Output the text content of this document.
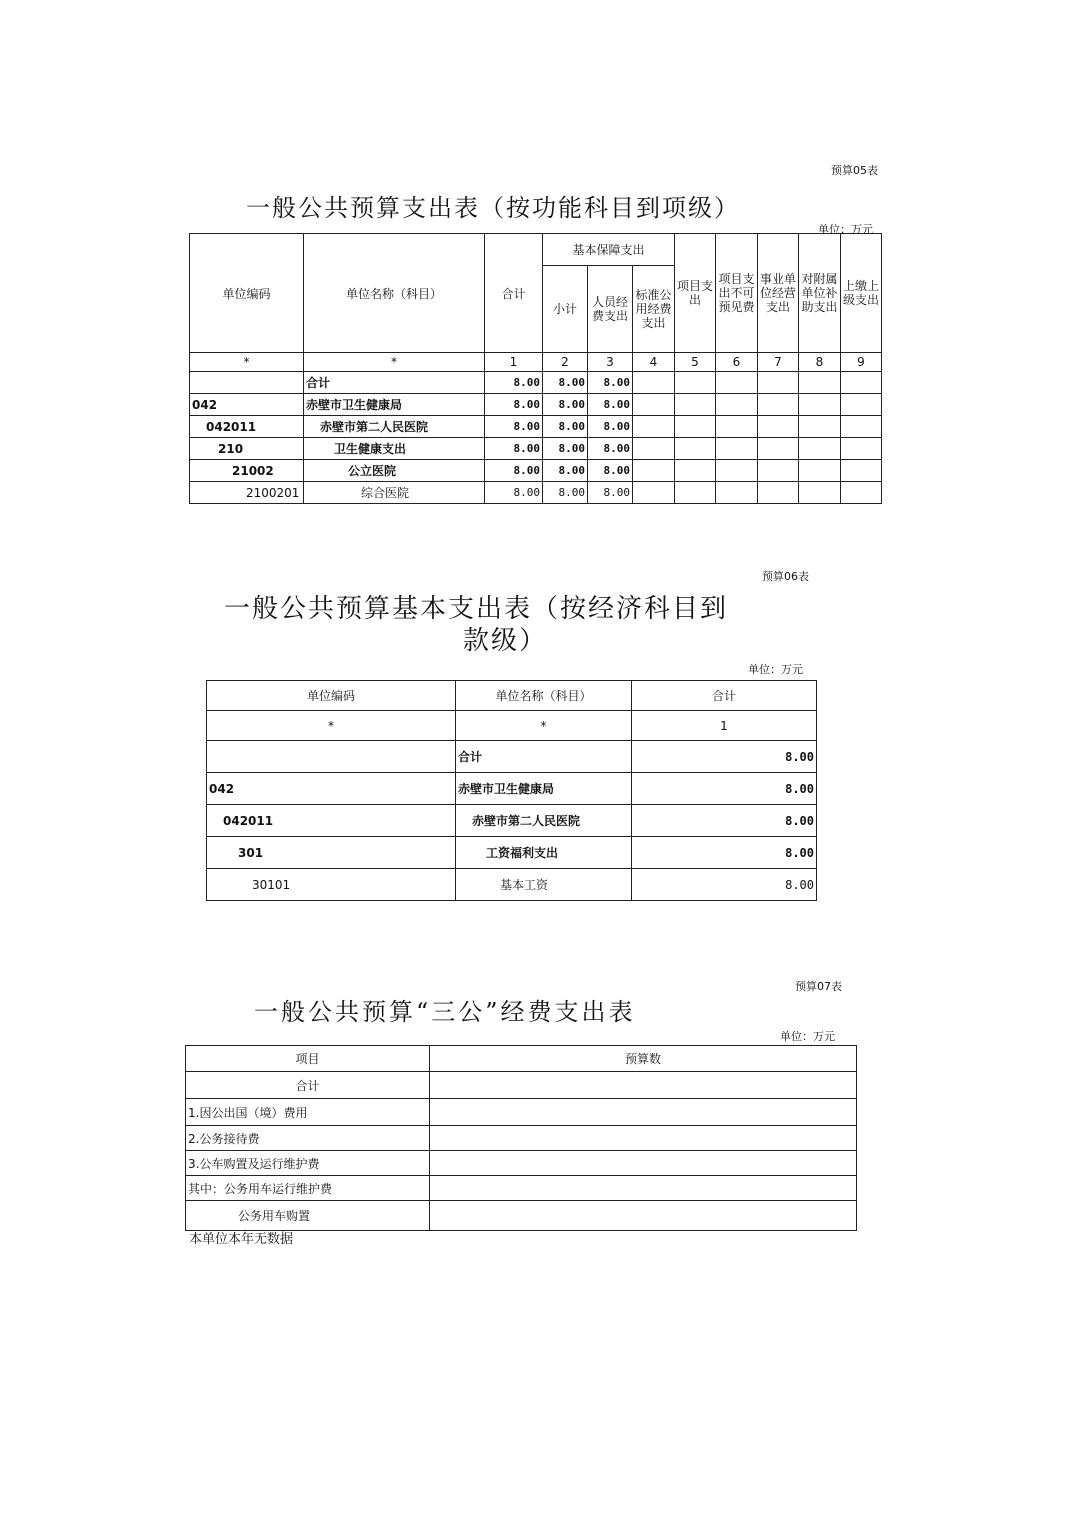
预算05表
一般公共预算支出表（按功能科目到项级）
单位：万元
单位编码	单位名称（科目）	合计	基本保障支出			项目支出	项目支出不可预见费	事业单位经营支出	对附属单位补助支出	上缴上级支出
			小计	人员经费支出	标准公用经费支出					
*	*	1	2	3	4	5	6	7	8	9
	合计	8.00	8.00	8.00						
042	赤壁市卫生健康局	8.00	8.00	8.00						
042011	赤壁市第二人民医院	8.00	8.00	8.00						
210	卫生健康支出	8.00	8.00	8.00						
21002	公立医院	8.00	8.00	8.00						
2100201	综合医院	8.00	8.00	8.00						
预算06表
一般公共预算基本支出表（按经济科目到
款级）
单位：万元
单位编码	单位名称（科目）	合计
*	*	1
	合计	8.00
042	赤壁市卫生健康局	8.00
042011	赤壁市第二人民医院	8.00
301	工资福利支出	8.00
30101	基本工资	8.00
预算07表
一般公共预算“三公”经费支出表
单位：万元
项目	预算数
合计	
1.因公出国（境）费用	
2.公务接待费	
3.公车购置及运行维护费	
其中：公务用车运行维护费	
公务用车购置	
本单位本年无数据
